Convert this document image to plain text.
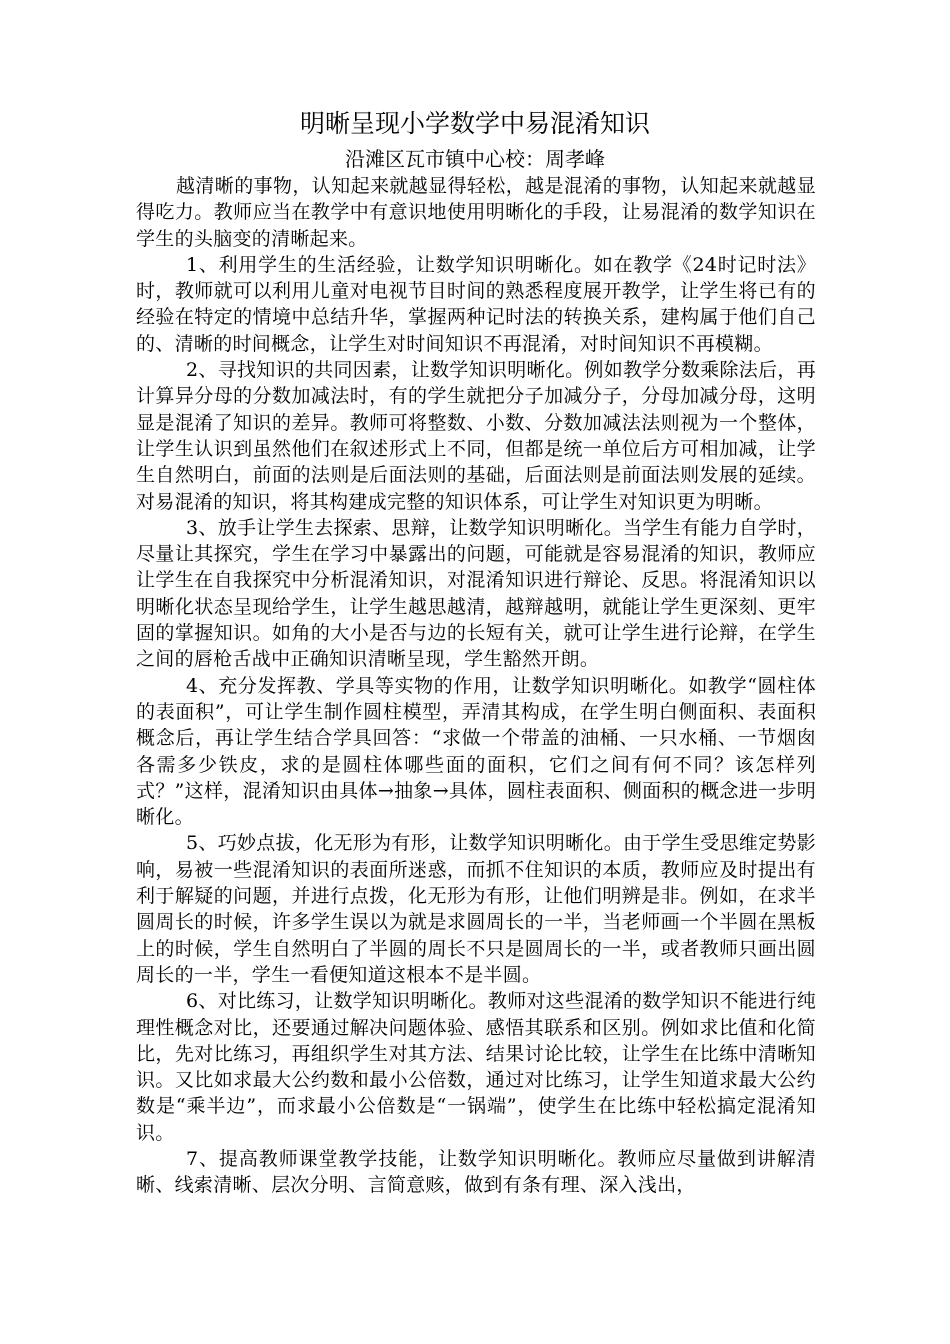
明晰呈现小学数学中易混淆知识
沿滩区瓦市镇中心校：周孝峰

越清晰的事物，认知起来就越显得轻松，越是混淆的事物，认知起来就越显得吃力。教师应当在教学中有意识地使用明晰化的手段，让易混淆的数学知识在学生的头脑变的清晰起来。

1、利用学生的生活经验，让数学知识明晰化。如在教学《24时记时法》时，教师就可以利用儿童对电视节目时间的熟悉程度展开教学，让学生将已有的经验在特定的情境中总结升华，掌握两种记时法的转换关系，建构属于他们自己的、清晰的时间概念，让学生对时间知识不再混淆，对时间知识不再模糊。

2、寻找知识的共同因素，让数学知识明晰化。例如教学分数乘除法后，再计算异分母的分数加减法时，有的学生就把分子加减分子，分母加减分母，这明显是混淆了知识的差异。教师可将整数、小数、分数加减法法则视为一个整体，让学生认识到虽然他们在叙述形式上不同，但都是统一单位后方可相加减，让学生自然明白，前面的法则是后面法则的基础，后面法则是前面法则发展的延续。对易混淆的知识，将其构建成完整的知识体系，可让学生对知识更为明晰。

3、放手让学生去探索、思辩，让数学知识明晰化。当学生有能力自学时，尽量让其探究，学生在学习中暴露出的问题，可能就是容易混淆的知识，教师应让学生在自我探究中分析混淆知识，对混淆知识进行辩论、反思。将混淆知识以明晰化状态呈现给学生，让学生越思越清，越辩越明，就能让学生更深刻、更牢固的掌握知识。如角的大小是否与边的长短有关，就可让学生进行论辩，在学生之间的唇枪舌战中正确知识清晰呈现，学生豁然开朗。

4、充分发挥教、学具等实物的作用，让数学知识明晰化。如教学“圆柱体的表面积”，可让学生制作圆柱模型，弄清其构成，在学生明白侧面积、表面积概念后，再让学生结合学具回答：“求做一个带盖的油桶、一只水桶、一节烟囱各需多少铁皮，求的是圆柱体哪些面的面积，它们之间有何不同？该怎样列式？”这样，混淆知识由具体→抽象→具体，圆柱表面积、侧面积的概念进一步明晰化。

5、巧妙点拔，化无形为有形，让数学知识明晰化。由于学生受思维定势影响，易被一些混淆知识的表面所迷惑，而抓不住知识的本质，教师应及时提出有利于解疑的问题，并进行点拨，化无形为有形，让他们明辨是非。例如，在求半圆周长的时候，许多学生误以为就是求圆周长的一半，当老师画一个半圆在黑板上的时候，学生自然明白了半圆的周长不只是圆周长的一半，或者教师只画出圆周长的一半，学生一看便知道这根本不是半圆。

6、对比练习，让数学知识明晰化。教师对这些混淆的数学知识不能进行纯理性概念对比，还要通过解决问题体验、感悟其联系和区别。例如求比值和化简比，先对比练习，再组织学生对其方法、结果讨论比较，让学生在比练中清晰知识。又比如求最大公约数和最小公倍数，通过对比练习，让学生知道求最大公约数是“乘半边”，而求最小公倍数是“一锅端”，使学生在比练中轻松搞定混淆知识。

7、提高教师课堂教学技能，让数学知识明晰化。教师应尽量做到讲解清晰、线索清晰、层次分明、言简意赅，做到有条有理、深入浅出，
